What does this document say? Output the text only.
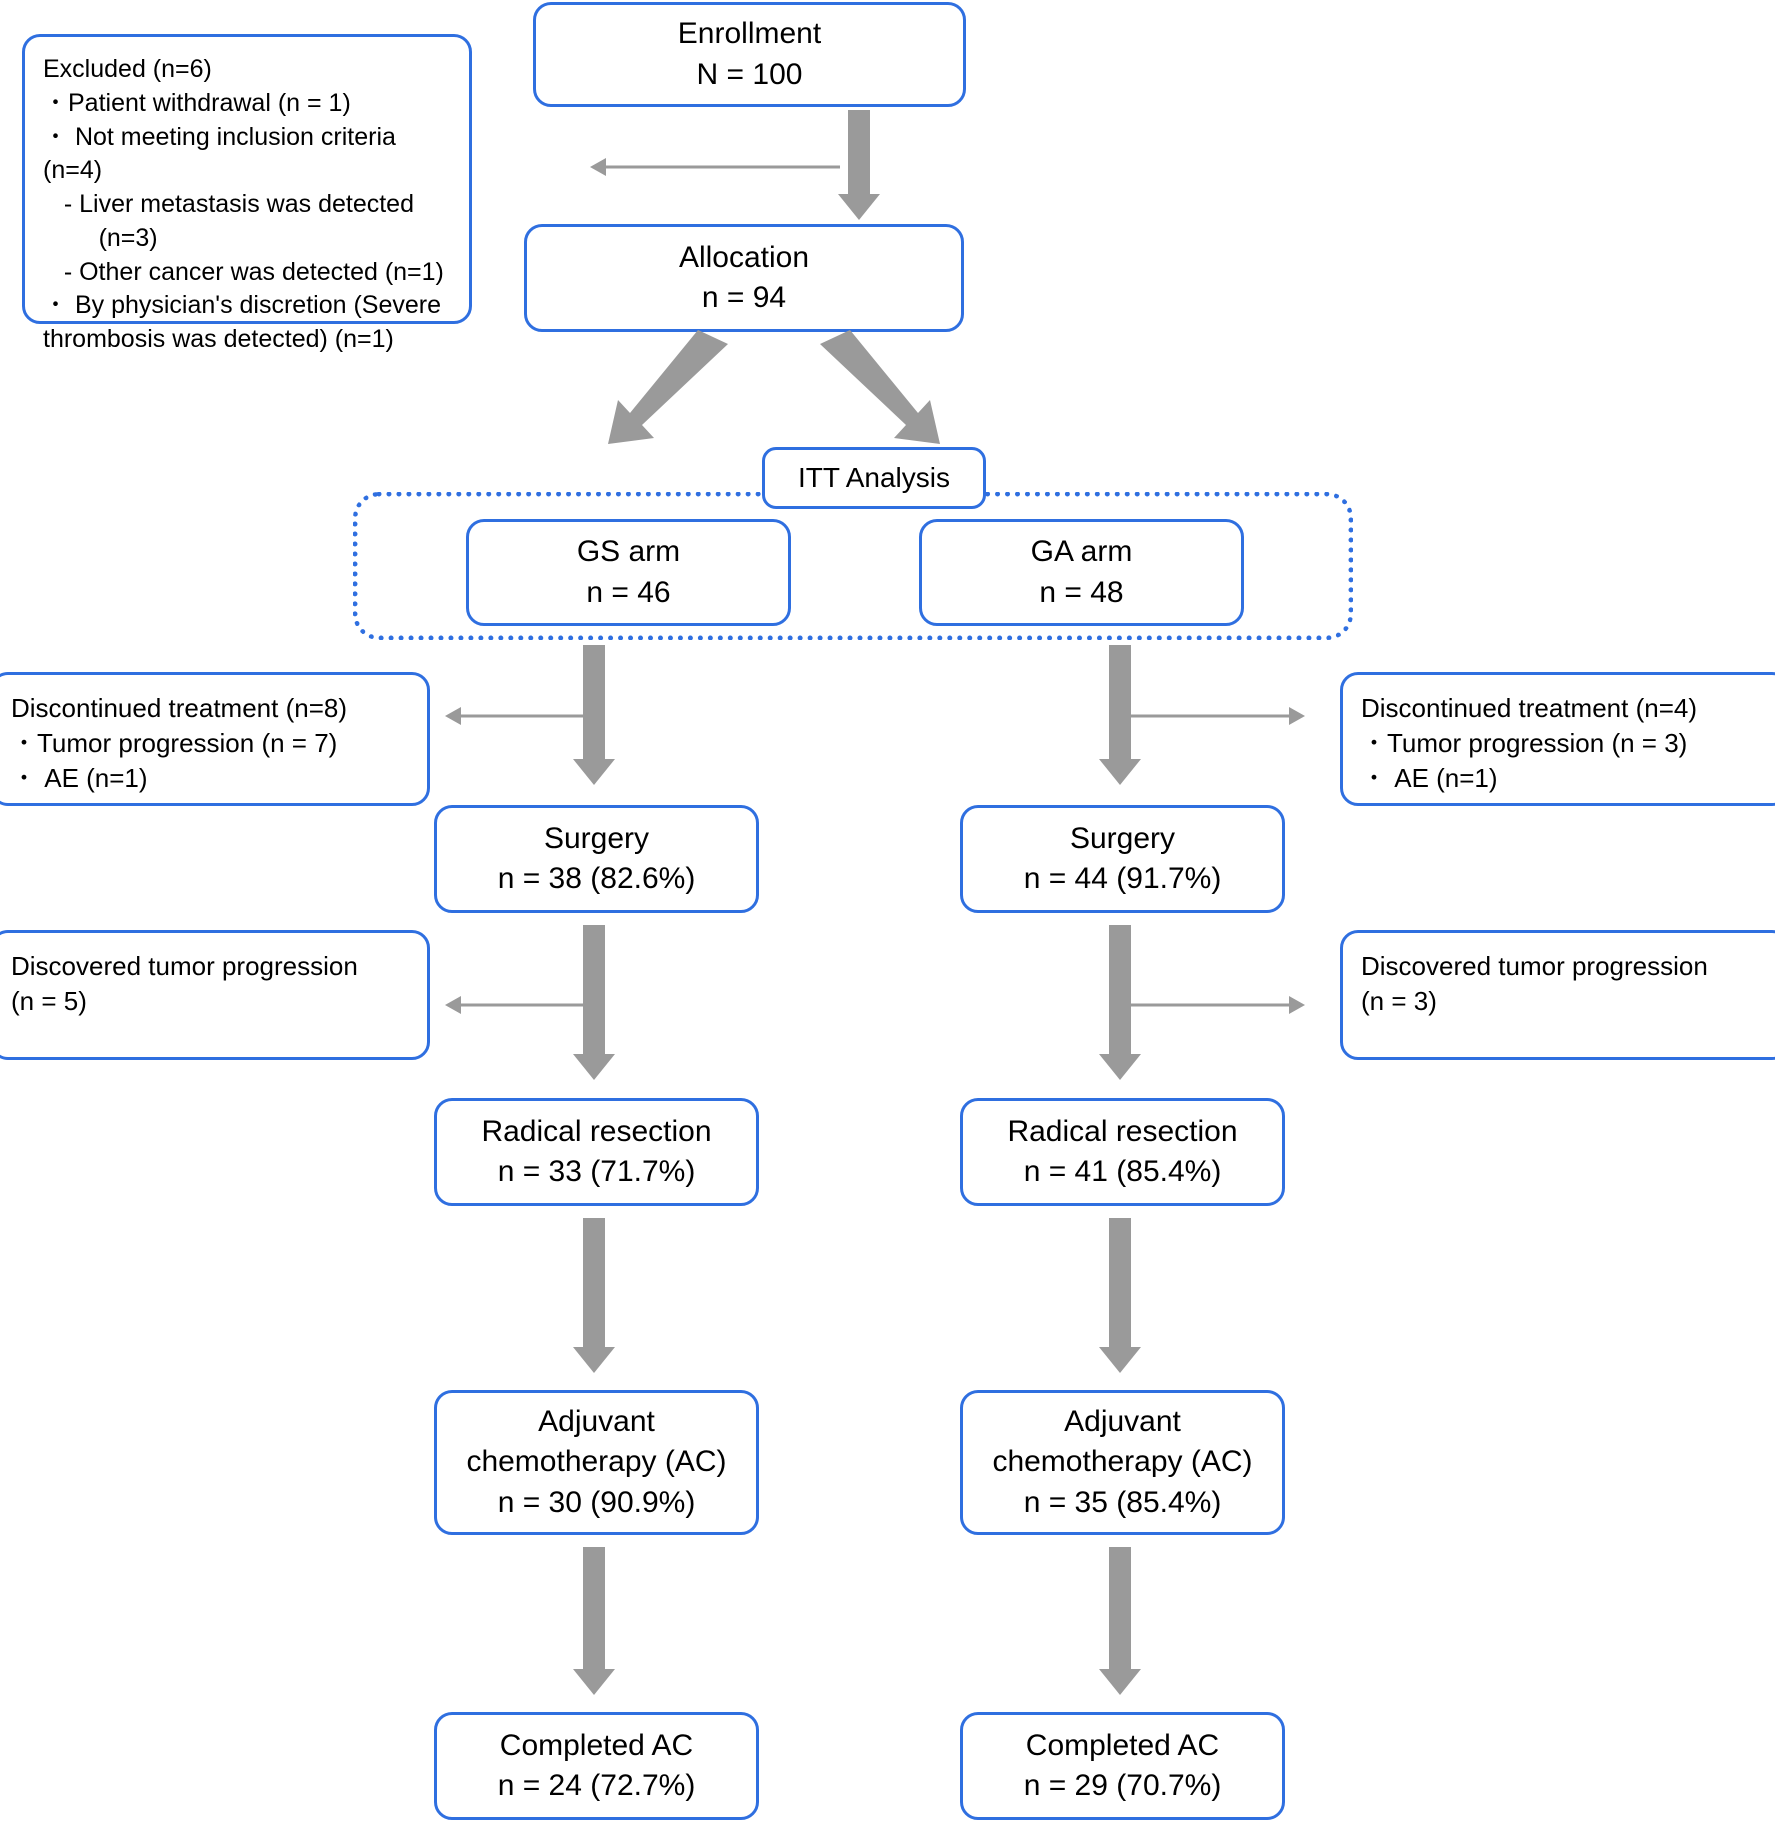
Enrollment
N = 100
Excluded (n=6)
・Patient withdrawal (n = 1)
・ Not meeting inclusion criteria (n=4)
- Liver metastasis was detected
(n=3)
- Other cancer was detected (n=1)
・ By physician's discretion (Severe
thrombosis was detected) (n=1)
Allocation
n = 94
ITT Analysis
GS arm
n = 46
GA arm
n = 48
Discontinued treatment (n=8)
・Tumor progression (n = 7)
・ AE (n=1)
Discontinued treatment (n=4)
・Tumor progression (n = 3)
・ AE (n=1)
Surgery
n = 38 (82.6%)
Surgery
n = 44 (91.7%)
Discovered tumor progression
(n = 5)
Discovered tumor progression
(n = 3)
Radical resection
n = 33 (71.7%)
Radical resection
n = 41 (85.4%)
Adjuvant
chemotherapy (AC)
n = 30 (90.9%)
Adjuvant
chemotherapy (AC)
n = 35 (85.4%)
Completed AC
n = 24 (72.7%)
Completed AC
n = 29 (70.7%)
